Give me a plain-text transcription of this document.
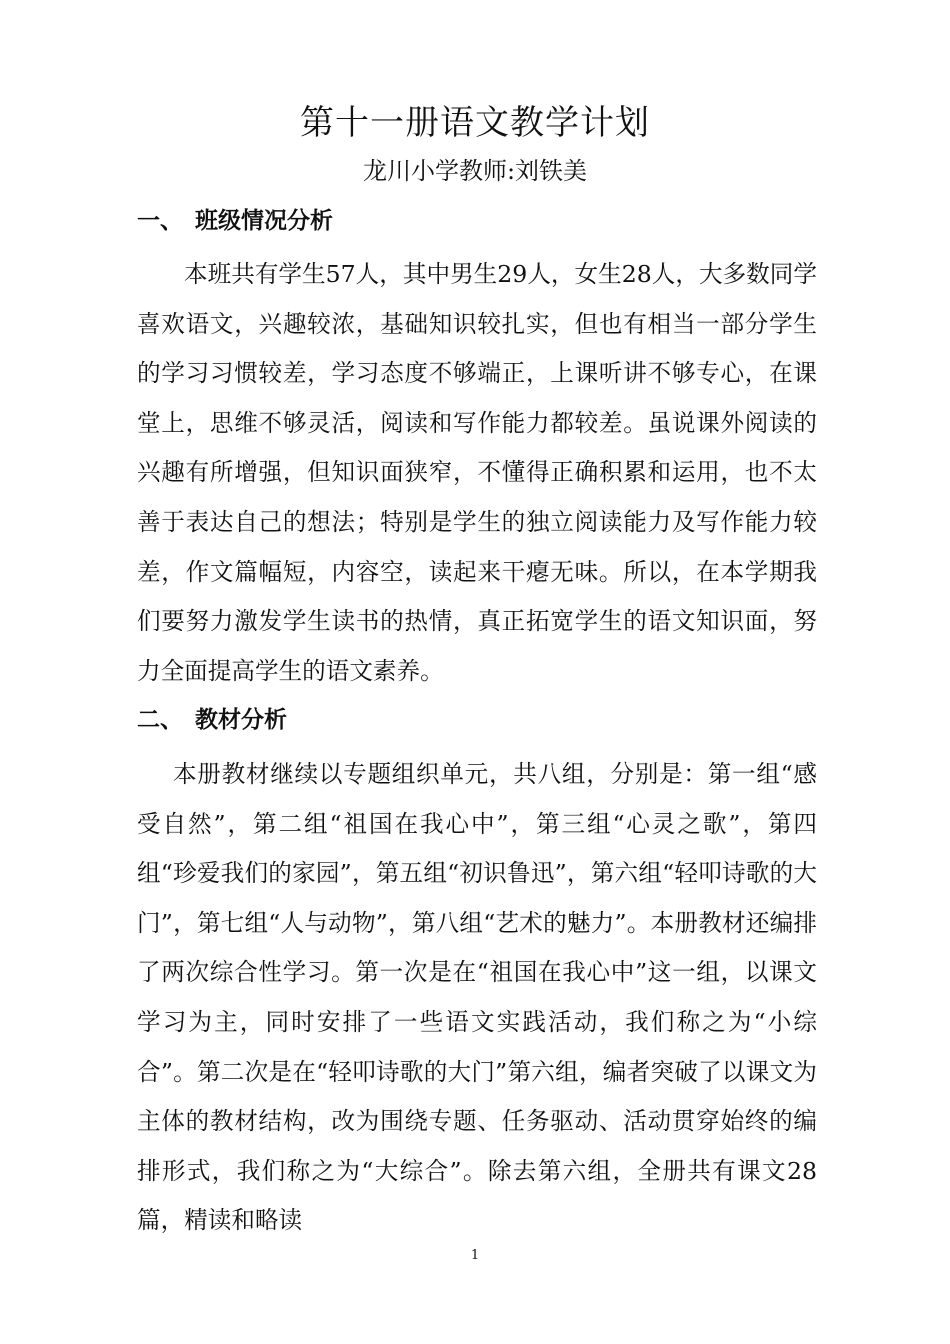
第十一册语文教学计划
龙川小学教师:刘铁美
一、 班级情况分析

本班共有学生57人，其中男生29人，女生28人，大多数同学喜欢语文，兴趣较浓，基础知识较扎实，但也有相当一部分学生的学习习惯较差，学习态度不够端正，上课听讲不够专心，在课堂上，思维不够灵活，阅读和写作能力都较差。虽说课外阅读的兴趣有所增强，但知识面狭窄，不懂得正确积累和运用，也不太善于表达自己的想法；特别是学生的独立阅读能力及写作能力较差，作文篇幅短，内容空，读起来干瘪无味。所以，在本学期我们要努力激发学生读书的热情，真正拓宽学生的语文知识面，努力全面提高学生的语文素养。

二、 教材分析

本册教材继续以专题组织单元，共八组，分别是：第一组“感受自然”，第二组“祖国在我心中”，第三组“心灵之歌”，第四组“珍爱我们的家园”，第五组“初识鲁迅”，第六组“轻叩诗歌的大门”，第七组“人与动物”，第八组“艺术的魅力”。本册教材还编排了两次综合性学习。第一次是在“祖国在我心中”这一组，以课文学习为主，同时安排了一些语文实践活动，我们称之为“小综合”。第二次是在“轻叩诗歌的大门”第六组，编者突破了以课文为主体的教材结构，改为围绕专题、任务驱动、活动贯穿始终的编排形式，我们称之为“大综合”。除去第六组，全册共有课文28篇，精读和略读

1
